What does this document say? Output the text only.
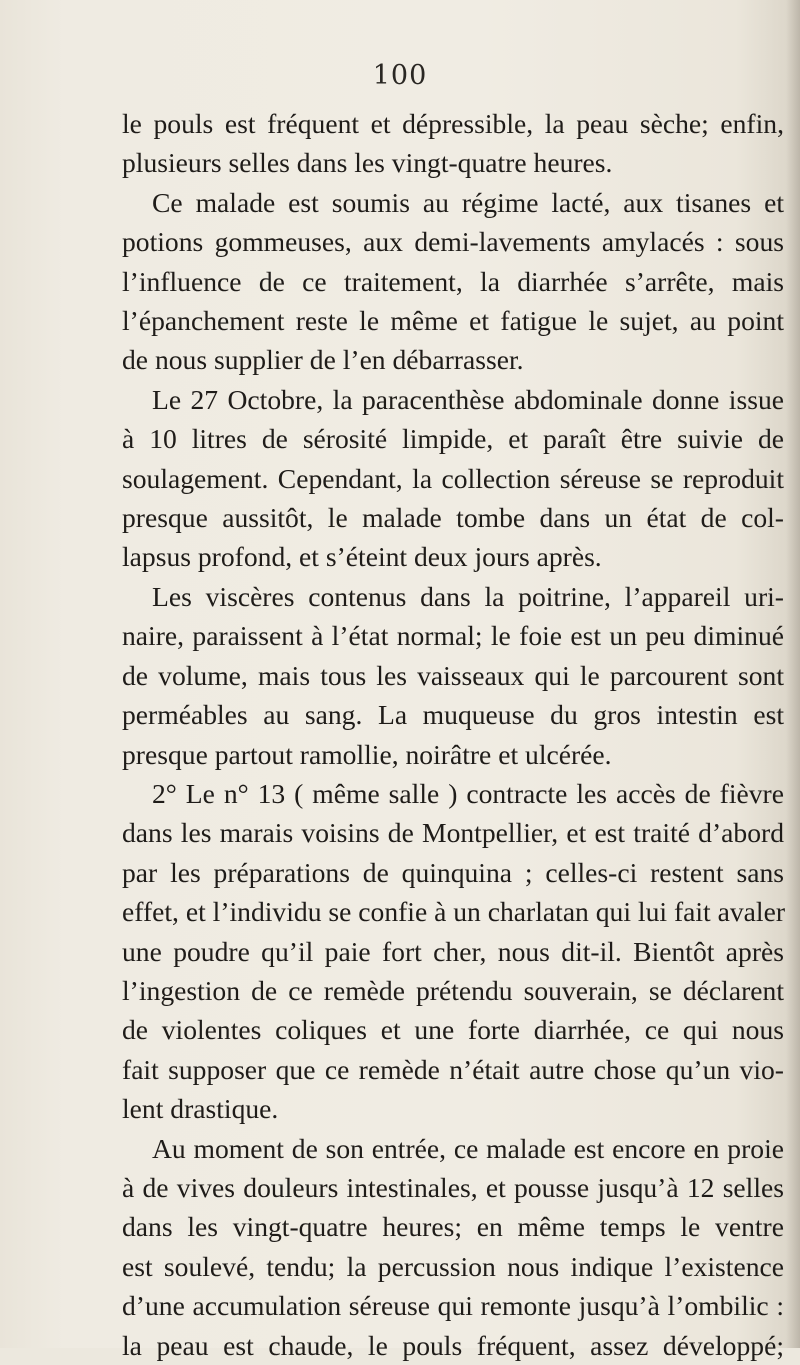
100
le pouls est fréquent et dépressible, la peau sèche; enfin,
plusieurs selles dans les vingt-quatre heures.
Ce malade est soumis au régime lacté, aux tisanes et
potions gommeuses, aux demi-lavements amylacés : sous
l’influence de ce traitement, la diarrhée s’arrête, mais
l’épanchement reste le même et fatigue le sujet, au point
de nous supplier de l’en débarrasser.
Le 27 Octobre, la paracenthèse abdominale donne issue
à 10 litres de sérosité limpide, et paraît être suivie de
soulagement. Cependant, la collection séreuse se reproduit
presque aussitôt, le malade tombe dans un état de col-
lapsus profond, et s’éteint deux jours après.
Les viscères contenus dans la poitrine, l’appareil uri-
naire, paraissent à l’état normal; le foie est un peu diminué
de volume, mais tous les vaisseaux qui le parcourent sont
perméables au sang. La muqueuse du gros intestin est
presque partout ramollie, noirâtre et ulcérée.
2° Le n° 13 ( même salle ) contracte les accès de fièvre
dans les marais voisins de Montpellier, et est traité d’abord
par les préparations de quinquina ; celles-ci restent sans
effet, et l’individu se confie à un charlatan qui lui fait avaler
une poudre qu’il paie fort cher, nous dit-il. Bientôt après
l’ingestion de ce remède prétendu souverain, se déclarent
de violentes coliques et une forte diarrhée, ce qui nous
fait supposer que ce remède n’était autre chose qu’un vio-
lent drastique.
Au moment de son entrée, ce malade est encore en proie
à de vives douleurs intestinales, et pousse jusqu’à 12 selles
dans les vingt-quatre heures; en même temps le ventre
est soulevé, tendu; la percussion nous indique l’existence
d’une accumulation séreuse qui remonte jusqu’à l’ombilic :
la peau est chaude, le pouls fréquent, assez développé;
